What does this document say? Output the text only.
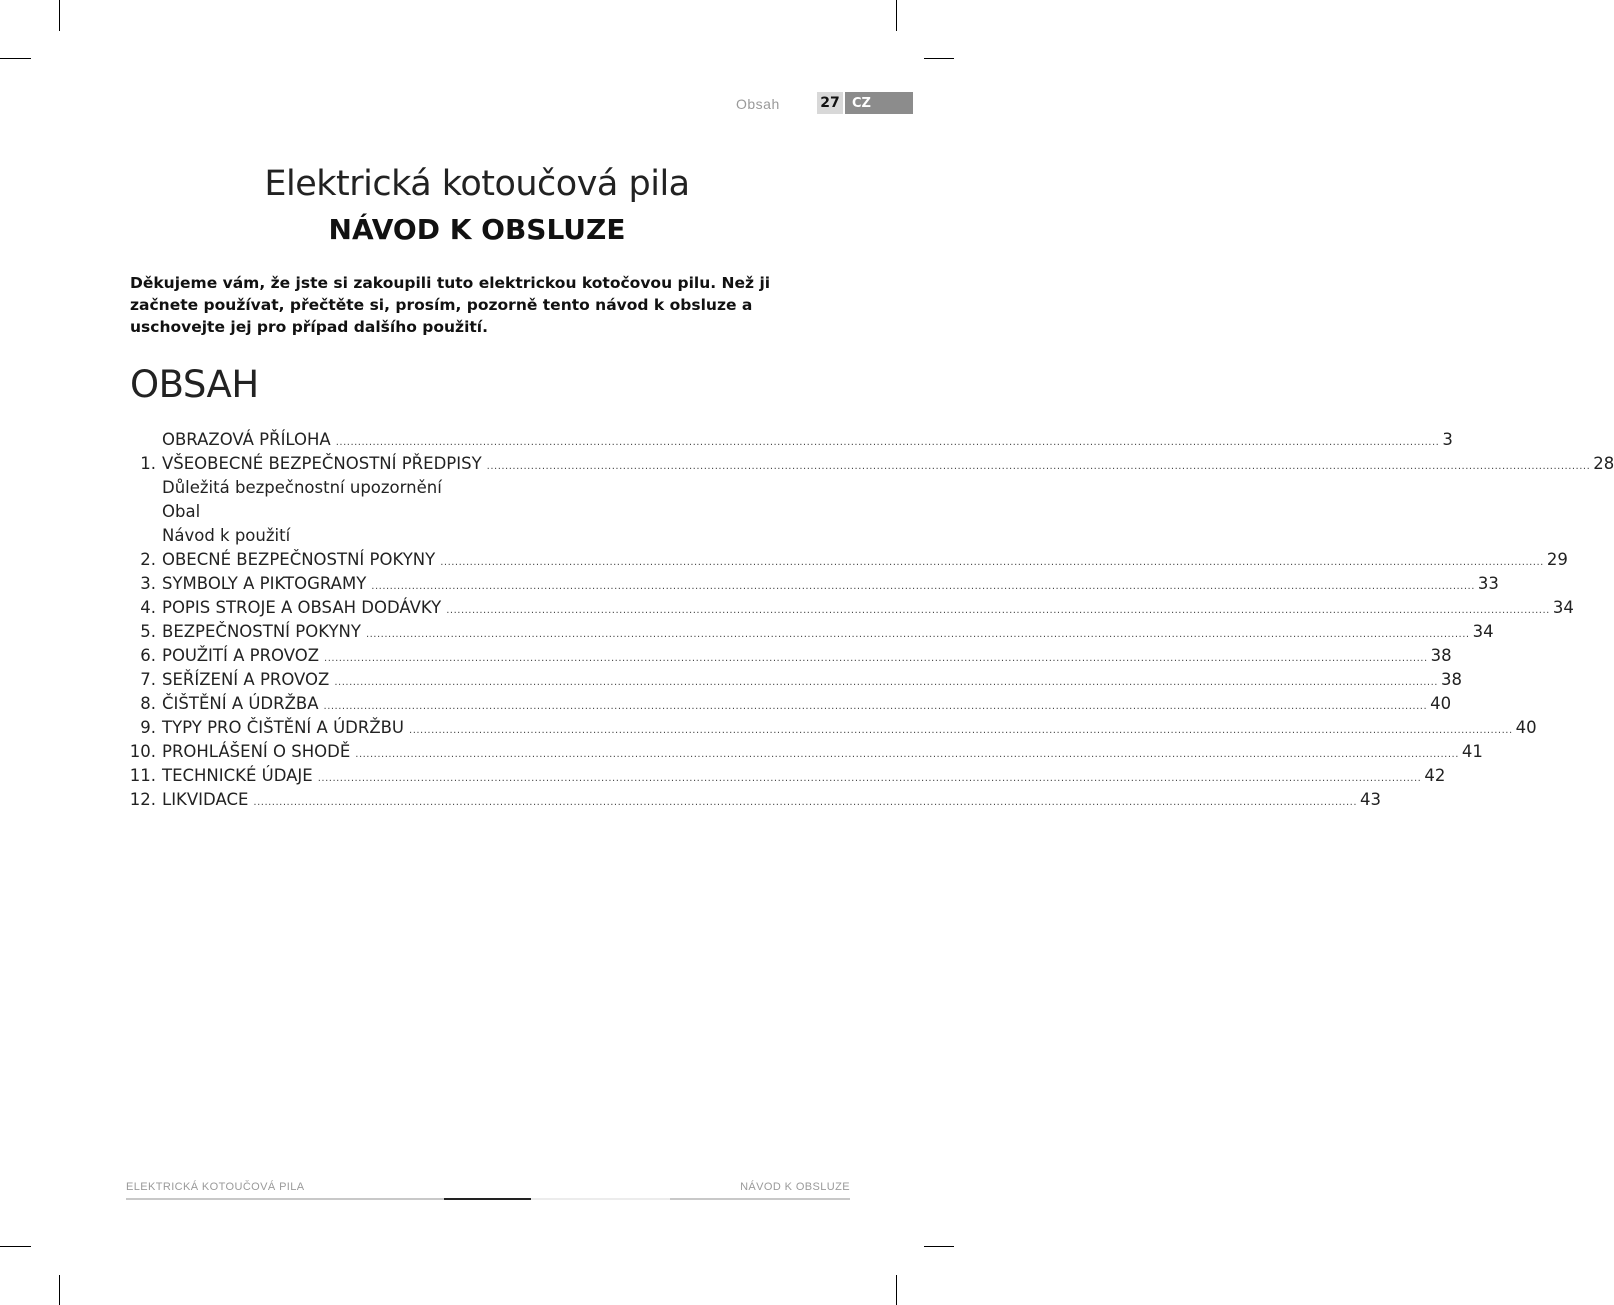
Obsah	27 CZ
Elektrická kotoučová pila
NÁVOD K OBSLUZE
Děkujeme vám, že jste si zakoupili tuto elektrickou kotočovou pilu. Než ji začnete používat, přečtěte si, prosím, pozorně tento návod k obsluze a uschovejte jej pro případ dalšího použití.
OBSAH
OBRAZOVÁ PŘÍLOHA ............................................................................................................................................................................................................................................................................................................ 3
1. VŠEOBECNÉ BEZPEČNOSTNÍ PŘEDPISY ............................................................................................................................................................................................................................................................................................................ 28
Důležitá bezpečnostní upozornění
Obal
Návod k použití
2. OBECNÉ BEZPEČNOSTNÍ POKYNY ............................................................................................................................................................................................................................................................................................................ 29
3. SYMBOLY A PIKTOGRAMY ............................................................................................................................................................................................................................................................................................................ 33
4. POPIS STROJE A OBSAH DODÁVKY ............................................................................................................................................................................................................................................................................................................ 34
5. BEZPEČNOSTNÍ POKYNY ............................................................................................................................................................................................................................................................................................................ 34
6. POUŽITÍ A PROVOZ ............................................................................................................................................................................................................................................................................................................ 38
7. SEŘÍZENÍ A PROVOZ ............................................................................................................................................................................................................................................................................................................ 38
8. ČIŠTĚNÍ A ÚDRŽBA ............................................................................................................................................................................................................................................................................................................ 40
9. TYPY PRO ČIŠTĚNÍ A ÚDRŽBU ............................................................................................................................................................................................................................................................................................................ 40
10. PROHLÁŠENÍ O SHODĚ ............................................................................................................................................................................................................................................................................................................ 41
11. TECHNICKÉ ÚDAJE ............................................................................................................................................................................................................................................................................................................ 42
12. LIKVIDACE ............................................................................................................................................................................................................................................................................................................ 43
ELEKTRICKÁ KOTOUČOVÁ PILA	NÁVOD K OBSLUZE
